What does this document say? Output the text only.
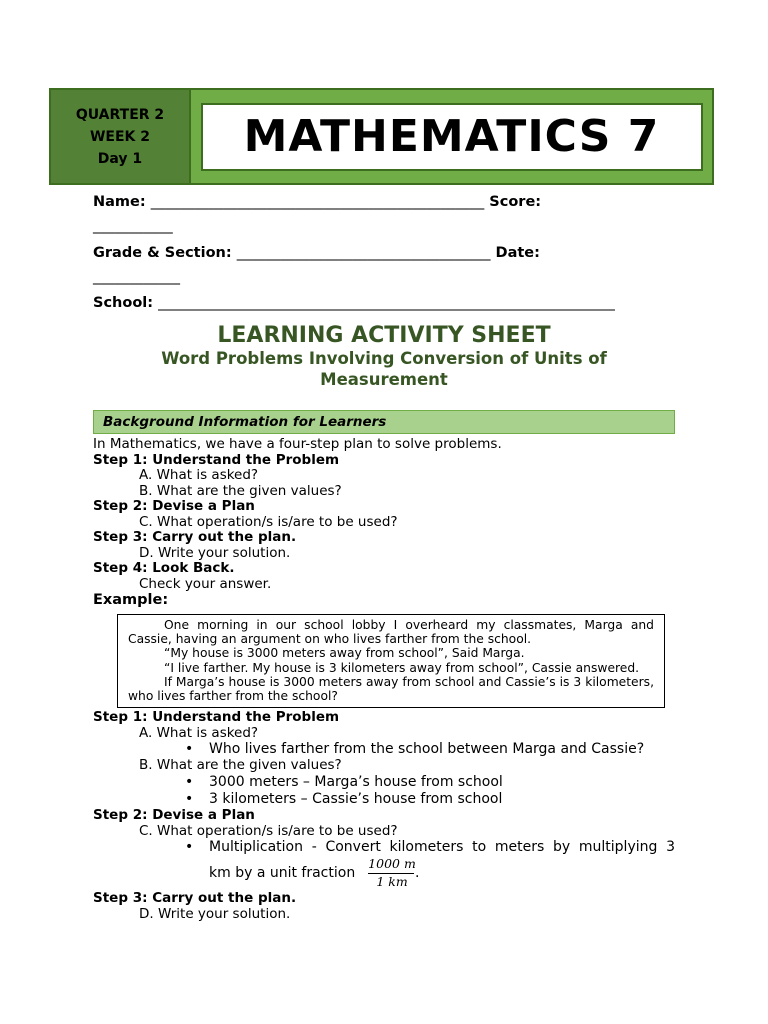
QUARTER 2
WEEK 2
Day 1	MATHEMATICS 7
Name: ______________________________________________ Score:
___________
Grade & Section: ___________________________________ Date:
____________
School: _______________________________________________________________
LEARNING ACTIVITY SHEET
Word Problems Involving Conversion of Units of
Measurement
Background Information for Learners
In Mathematics, we have a four-step plan to solve problems.
Step 1: Understand the Problem
A. What is asked?
B. What are the given values?
Step 2: Devise a Plan
C. What operation/s is/are to be used?
Step 3: Carry out the plan.
D. Write your solution.
Step 4: Look Back.
Check your answer.
Example:

One morning in our school lobby I overheard my classmates, Marga and Cassie, having an argument on who lives farther from the school.

“My house is 3000 meters away from school”, Said Marga.

“I live farther. My house is 3 kilometers away from school”, Cassie answered.

If Marga’s house is 3000 meters away from school and Cassie’s is 3 kilometers, who lives farther from the school?

Step 1: Understand the Problem
A. What is asked?
• Who lives farther from the school between Marga and Cassie?
B. What are the given values?
• 3000 meters – Marga’s house from school
• 3 kilometers – Cassie’s house from school
Step 2: Devise a Plan
C. What operation/s is/are to be used?
• Multiplication - Convert kilometers to meters by multiplying 3
km by a unit fraction
1000 m
1 km
.
Step 3: Carry out the plan.
D. Write your solution.
